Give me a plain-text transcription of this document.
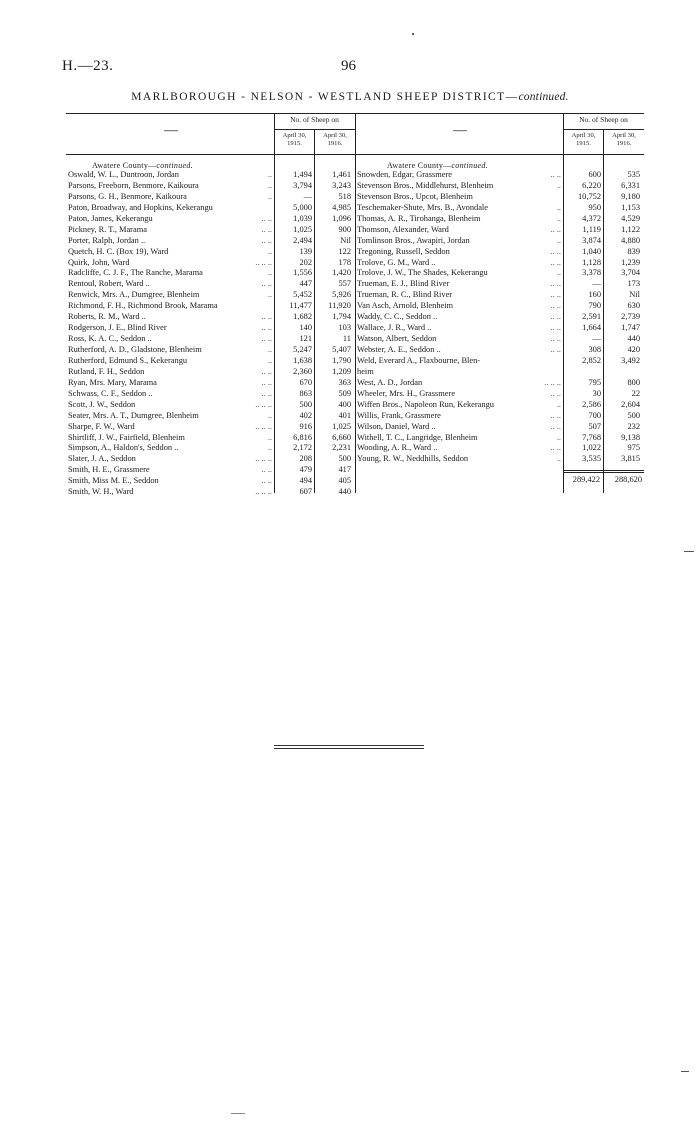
H.—23.	96
MARLBOROUGH - NELSON - WESTLAND SHEEP DISTRICT—continued.
—
No. of Sheep on
April 30, 1915.
April 30, 1916.
Awatere County—continued.
Oswald, W. L., Duntroon, Jordan	..	1,494 1,461
Parsons, Freeborn, Benmore, Kaikoura	..	3,794 3,243
Parsons, G. H., Benmore, Kaikoura	..	—	518
Paton, Broadway, and Hopkins, Kekerangu	5,000 4,985
Paton, James, Kekerangu	.. ..	1,039 1,096
Pickney, R. T., Marama	.. ..	1,025	900
Porter, Ralph, Jordan ..	.. ..	2,494	Nil
Quetch, H. C. (Box 19), Ward	..	139	122
Quirk, John, Ward	.. .. ..	202	178
Radcliffe, C. J. F., The Ranche, Marama	..	1,556 1,420
Rentoul, Robert, Ward ..	.. ..	447	557
Renwick, Mrs. A., Dumgree, Blenheim	..	5,452 5,926
Richmond, F. H., Richmond Brook, Marama	11,477 11,920
Roberts, R. M., Ward ..	.. ..	1,682 1,794
Rodgerson, J. E., Blind River	.. ..	140	103
Ross, K. A. C., Seddon ..	.. ..	121	11
Rutherford, A. D., Gladstone, Blenheim	..	5,247 5,407
Rutherford, Edmund S., Kekerangu	..	1,638 1,790
Rutland, F. H., Seddon	.. ..	2,360 1,209
Ryan, Mrs. Mary, Marama	.. ..	670	363
Schwass, C. F., Seddon ..	.. ..	863	509
Scott, J. W., Seddon	.. .. ..	500	400
Seater, Mrs. A. T., Dumgree, Blenheim	..	402	401
Sharpe, F. W., Ward	.. .. ..	916 1,025
Shirtliff, J. W., Fairfield, Blenheim	..	6,816 6,660
Simpson, A., Haldon's, Seddon ..	..	2,172 2,231
Slater, J. A., Seddon	.. .. ..	208	500
Smith, H. E., Grassmere	.. ..	479	417
Smith, Miss M. E., Seddon	.. ..	494	405
Smith, W. H., Ward	.. .. ..	607	440
—
No. of Sheep on
April 30, 1915.
April 30, 1916.
Awatere County—continued.
Snowden, Edgar, Grassmere	.. ..	600	535
Stevenson Bros., Middlehurst, Blenheim	..	6,220 6,331
Stevenson Bros., Upcot, Blenheim	10,752 9,180
Teschemaker-Shute, Mrs. B., Avondale	..	950 1,153
Thomas, A. R., Tirohanga, Blenheim	..	4,372 4,529
Thomson, Alexander, Ward	.. ..	1,119 1,122
Tomlinson Bros., Awapiri, Jordan	..	3,874 4,880
Tregoning, Russell, Seddon	.. ..	1,040	839
Trolove, G. M., Ward ..	.. ..	1,128 1,239
Trolove, J. W., The Shades, Kekerangu	..	3,378 3,704
Trueman, E. J., Blind River	.. ..	—	173
Trueman, R. C., Blind River	.. ..	160	Nil
Van Asch, Arnold, Blenheim	.. ..	790	630
Waddy, C. C., Seddon ..	.. ..	2,591 2,739
Wallace, J. R., Ward ..	.. ..	1,664 1,747
Watson, Albert, Seddon	.. ..	—	440
Webster, A. E., Seddon ..	.. ..	308	420
Weld, Everard A., Flaxbourne, Blen-	2,852 3,492
heim
West, A. D., Jordan	.. .. ..	795	800
Wheeler, Mrs. H., Grassmere	.. ..	30	22
Wiffen Bros., Napoleon Run, Kekerangu	..	2,586 2,604
Willis, Frank, Grassmere	.. ..	700	500
Wilson, Daniel, Ward ..	.. ..	507	232
Withell, T. C., Langridge, Blenheim	..	7,768 9,138
Wooding, A. R., Ward ..	.. ..	1,022	975
Young, R. W., Neddhills, Seddon	..	3,535 3,815
289,422 288,620
